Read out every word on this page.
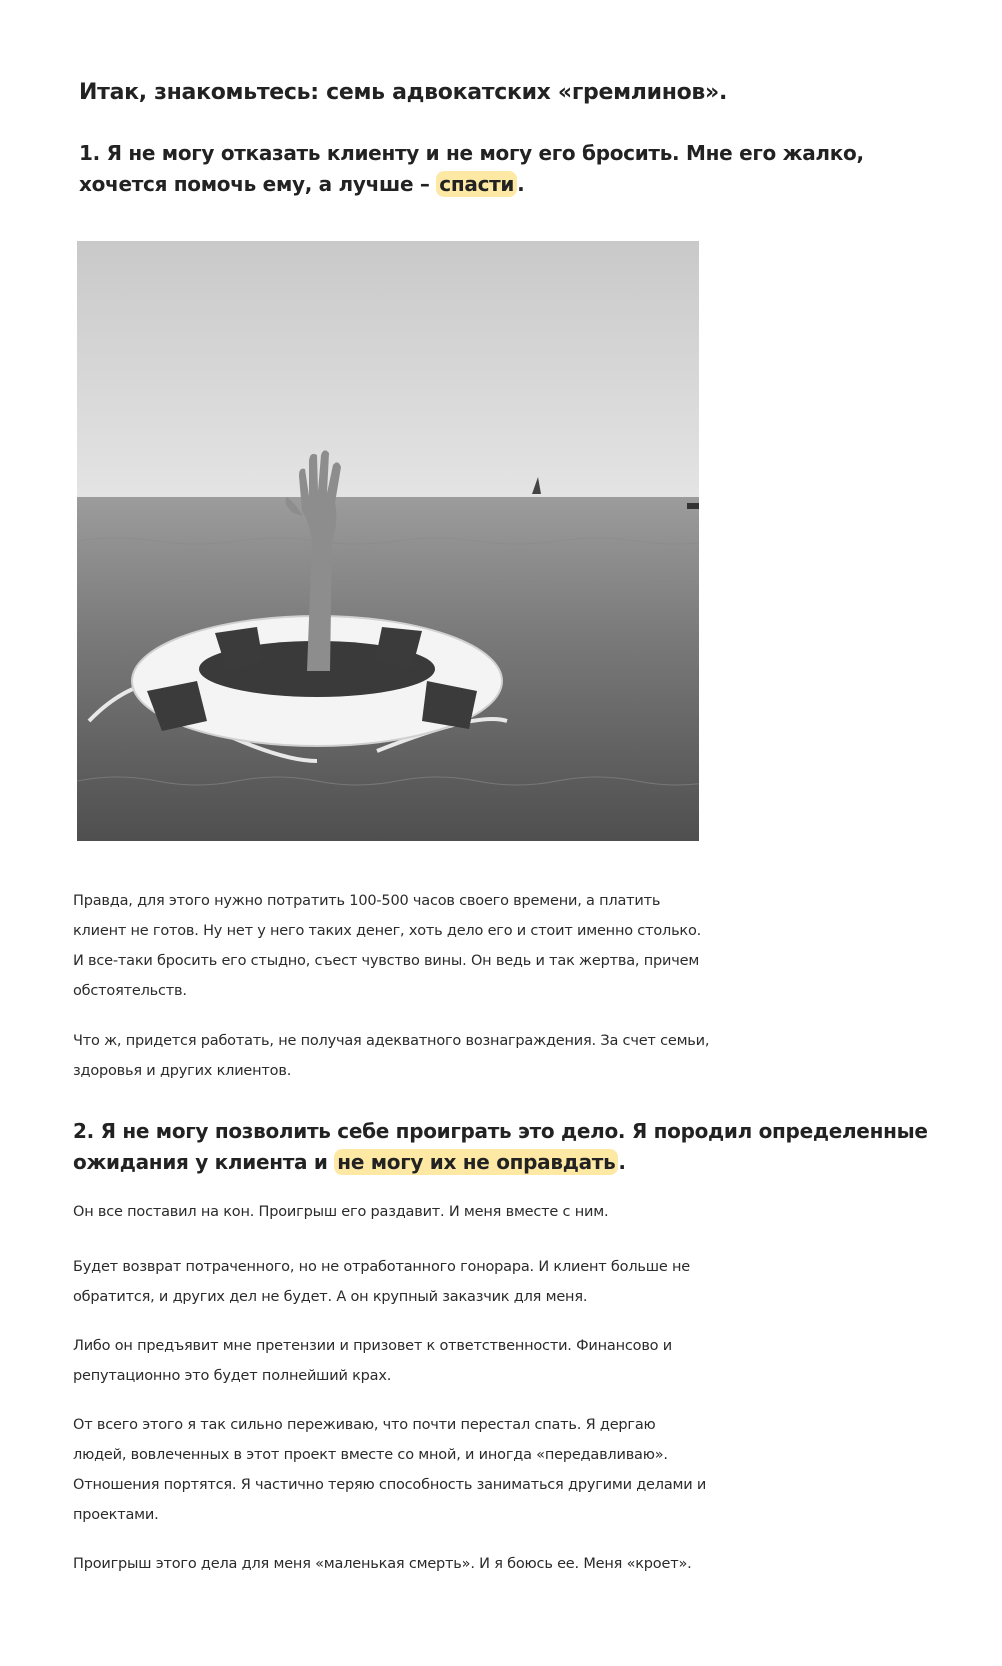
Итак, знакомьтесь: семь адвокатских «гремлинов».
1. Я не могу отказать клиенту и не могу его бросить. Мне его жалко, хочется помочь ему, а лучше – спасти .
Правда, для этого нужно потратить 100-500 часов своего времени, а платить клиент не готов. Ну нет у него таких денег, хоть дело его и стоит именно столько. И все-таки бросить его стыдно, съест чувство вины. Он ведь и так жертва, причем обстоятельств.
Что ж, придется работать, не получая адекватного вознаграждения. За счет семьи, здоровья и других клиентов.
2. Я не могу позволить себе проиграть это дело. Я породил определенные ожидания у клиента и не могу их не оправдать .
Он все поставил на кон. Проигрыш его раздавит. И меня вместе с ним.
Будет возврат потраченного, но не отработанного гонорара. И клиент больше не обратится, и других дел не будет. А он крупный заказчик для меня.
Либо он предъявит мне претензии и призовет к ответственности. Финансово и репутационно это будет полнейший крах.
От всего этого я так сильно переживаю, что почти перестал спать. Я дергаю людей, вовлеченных в этот проект вместе со мной, и иногда «передавливаю». Отношения портятся. Я частично теряю способность заниматься другими делами и проектами.
Проигрыш этого дела для меня «маленькая смерть». И я боюсь ее. Меня «кроет».
